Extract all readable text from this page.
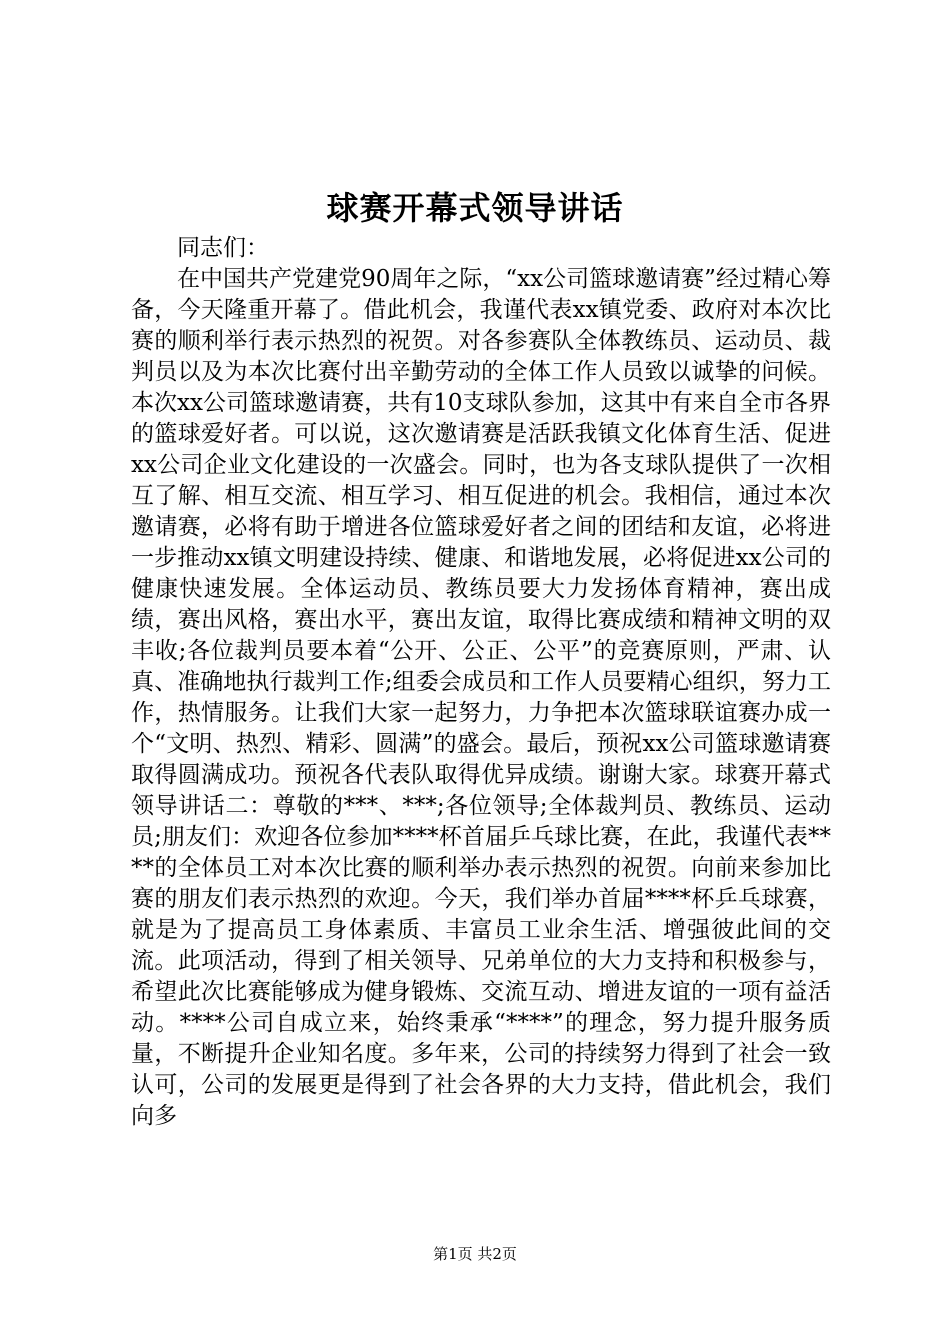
球赛开幕式领导讲话

同志们：

在中国共产党建党90周年之际，“xx公司篮球邀请赛”经过精心筹备，今天隆重开幕了。借此机会，我谨代表xx镇党委、政府对本次比赛的顺利举行表示热烈的祝贺。对各参赛队全体教练员、运动员、裁判员以及为本次比赛付出辛勤劳动的全体工作人员致以诚挚的问候。本次xx公司篮球邀请赛，共有10支球队参加，这其中有来自全市各界的篮球爱好者。可以说，这次邀请赛是活跃我镇文化体育生活、促进xx公司企业文化建设的一次盛会。同时，也为各支球队提供了一次相互了解、相互交流、相互学习、相互促进的机会。我相信，通过本次邀请赛，必将有助于增进各位篮球爱好者之间的团结和友谊，必将进一步推动xx镇文明建设持续、健康、和谐地发展，必将促进xx公司的健康快速发展。全体运动员、教练员要大力发扬体育精神，赛出成绩，赛出风格，赛出水平，赛出友谊，取得比赛成绩和精神文明的双丰收;各位裁判员要本着“公开、公正、公平”的竞赛原则，严肃、认真、准确地执行裁判工作;组委会成员和工作人员要精心组织，努力工作，热情服务。让我们大家一起努力，力争把本次篮球联谊赛办成一个“文明、热烈、精彩、圆满”的盛会。最后，预祝xx公司篮球邀请赛取得圆满成功。预祝各代表队取得优异成绩。谢谢大家。球赛开幕式领导讲话二：尊敬的***、***;各位领导;全体裁判员、教练员、运动员;朋友们：欢迎各位参加****杯首届乒乓球比赛，在此，我谨代表****的全体员工对本次比赛的顺利举办表示热烈的祝贺。向前来参加比赛的朋友们表示热烈的欢迎。今天，我们举办首届****杯乒乓球赛，就是为了提高员工身体素质、丰富员工业余生活、增强彼此间的交流。此项活动，得到了相关领导、兄弟单位的大力支持和积极参与，希望此次比赛能够成为健身锻炼、交流互动、增进友谊的一项有益活动。****公司自成立来，始终秉承“****”的理念，努力提升服务质量，不断提升企业知名度。多年来，公司的持续努力得到了社会一致认可，公司的发展更是得到了社会各界的大力支持，借此机会，我们向多

第1页 共2页
